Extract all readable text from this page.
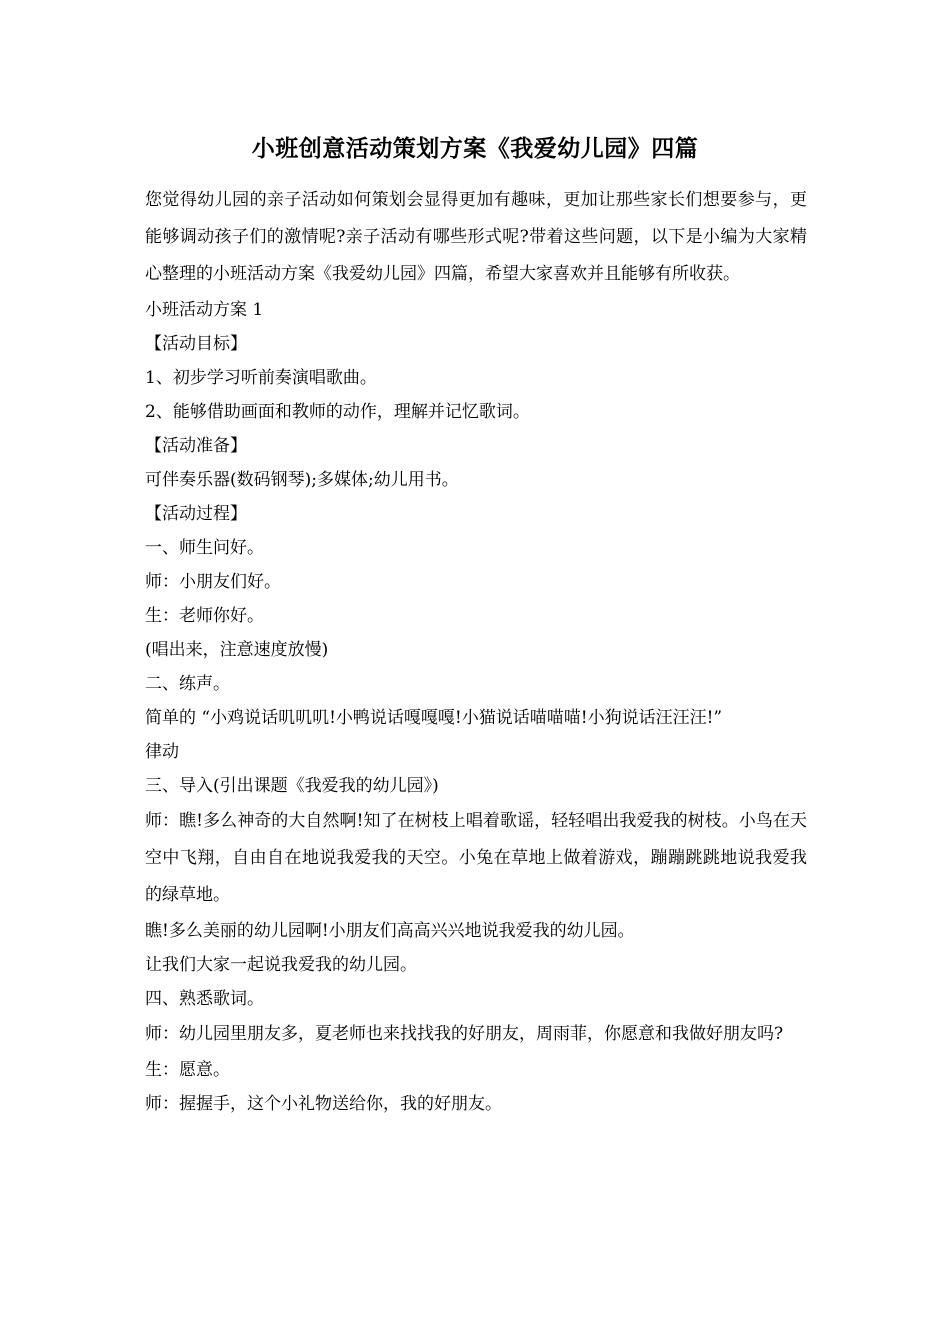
小班创意活动策划方案《我爱幼儿园》四篇

您觉得幼儿园的亲子活动如何策划会显得更加有趣味，更加让那些家长们想要参与，更能够调动孩子们的激情呢?亲子活动有哪些形式呢?带着这些问题，以下是小编为大家精心整理的小班活动方案《我爱幼儿园》四篇，希望大家喜欢并且能够有所收获。

小班活动方案 1

【活动目标】

1、初步学习听前奏演唱歌曲。

2、能够借助画面和教师的动作，理解并记忆歌词。

【活动准备】

可伴奏乐器(数码钢琴);多媒体;幼儿用书。

【活动过程】

一、师生问好。

师：小朋友们好。

生：老师你好。

(唱出来，注意速度放慢)

二、练声。

简单的 “小鸡说话叽叽叽!小鸭说话嘎嘎嘎!小猫说话喵喵喵!小狗说话汪汪汪!”

律动

三、导入(引出课题《我爱我的幼儿园》)

师：瞧!多么神奇的大自然啊!知了在树枝上唱着歌谣，轻轻唱出我爱我的树枝。小鸟在天空中飞翔，自由自在地说我爱我的天空。小兔在草地上做着游戏，蹦蹦跳跳地说我爱我的绿草地。

瞧!多么美丽的幼儿园啊!小朋友们高高兴兴地说我爱我的幼儿园。

让我们大家一起说我爱我的幼儿园。

四、熟悉歌词。

师：幼儿园里朋友多，夏老师也来找找我的好朋友，周雨菲，你愿意和我做好朋友吗?

生：愿意。

师：握握手，这个小礼物送给你，我的好朋友。
